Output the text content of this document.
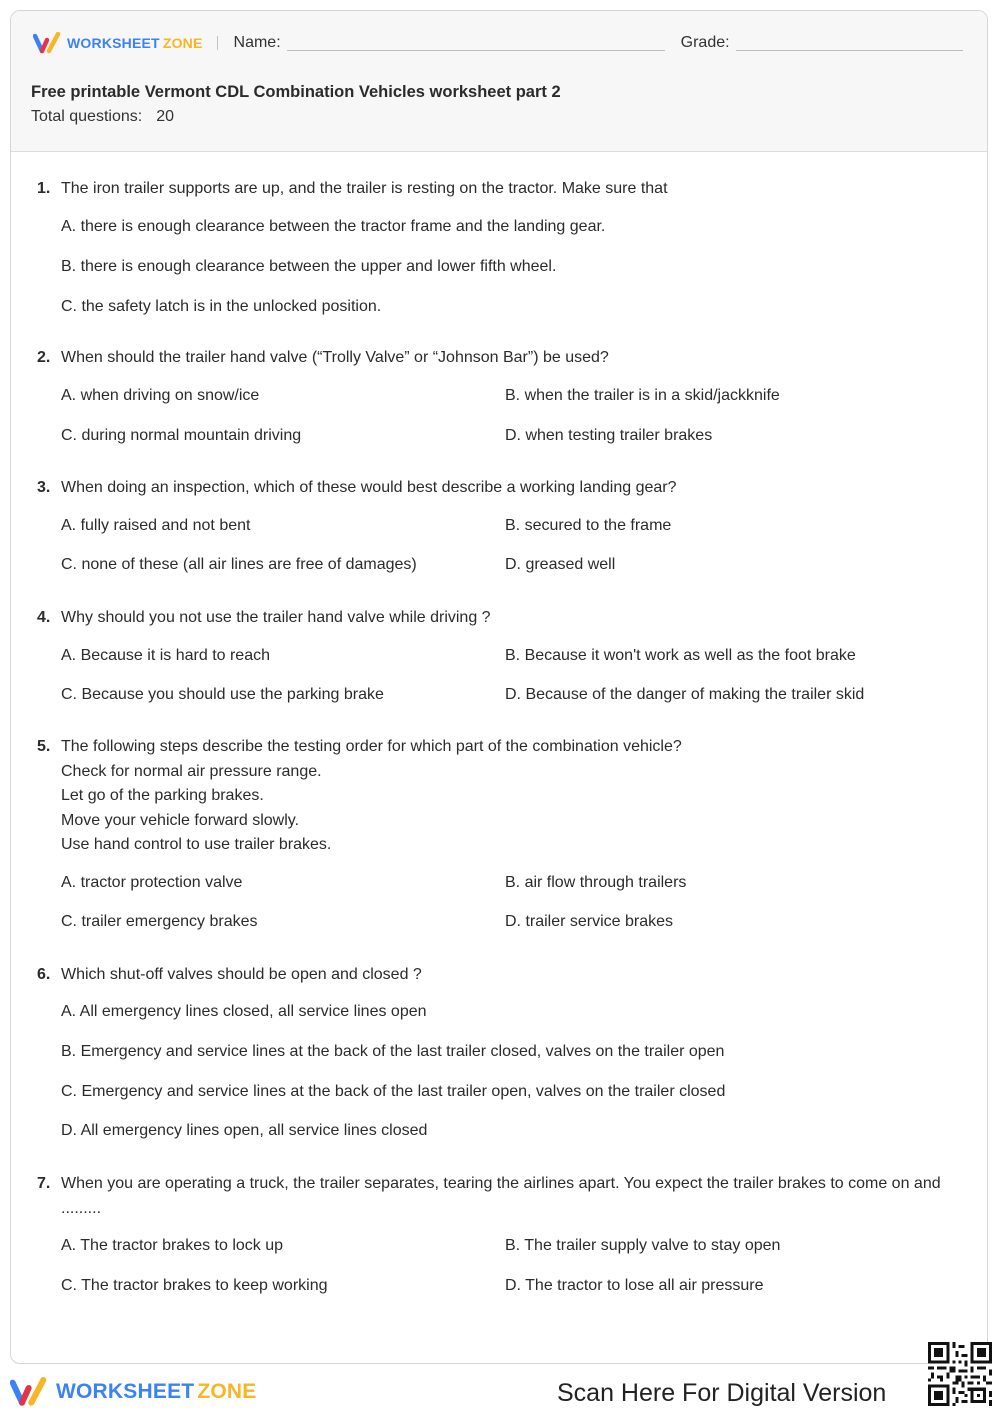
WORKSHEET ZONE Name:	Grade:
Free printable Vermont CDL Combination Vehicles worksheet part 2
Total questions: 20
1. The iron trailer supports are up, and the trailer is resting on the tractor. Make sure that
A. there is enough clearance between the tractor frame and the landing gear.
B. there is enough clearance between the upper and lower fifth wheel.
C. the safety latch is in the unlocked position.
2. When should the trailer hand valve (“Trolly Valve” or “Johnson Bar”) be used?
A. when driving on snow/ice	B. when the trailer is in a skid/jackknife
C. during normal mountain driving	D. when testing trailer brakes
3. When doing an inspection, which of these would best describe a working landing gear?
A. fully raised and not bent	B. secured to the frame
C. none of these (all air lines are free of damages)	D. greased well
4. Why should you not use the trailer hand valve while driving ?
A. Because it is hard to reach	B. Because it won't work as well as the foot brake
C. Because you should use the parking brake	D. Because of the danger of making the trailer skid
5. The following steps describe the testing order for which part of the combination vehicle?
Check for normal air pressure range.
Let go of the parking brakes.
Move your vehicle forward slowly.
Use hand control to use trailer brakes.
A. tractor protection valve	B. air flow through trailers
C. trailer emergency brakes	D. trailer service brakes
6. Which shut-off valves should be open and closed ?
A. All emergency lines closed, all service lines open
B. Emergency and service lines at the back of the last trailer closed, valves on the trailer open
C. Emergency and service lines at the back of the last trailer open, valves on the trailer closed
D. All emergency lines open, all service lines closed
7. When you are operating a truck, the trailer separates, tearing the airlines apart. You expect the trailer brakes to come on and .........
A. The tractor brakes to lock up	B. The trailer supply valve to stay open
C. The tractor brakes to keep working	D. The tractor to lose all air pressure
WORKSHEET ZONE	Scan Here For Digital Version
